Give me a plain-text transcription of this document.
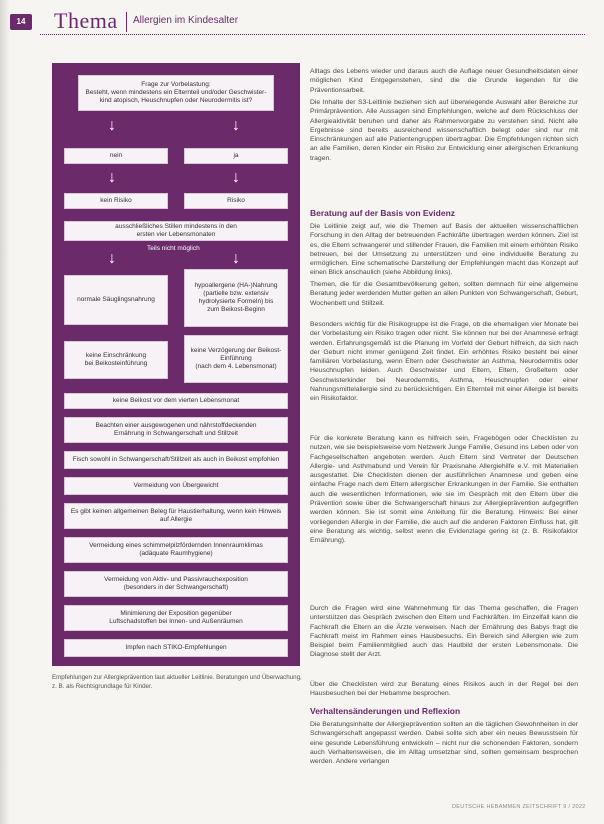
14 Thema Allergien im Kindesalter
Frage zur Vorbelastung:
Besteht, wenn mindestens ein Elternteil und/oder Geschwister-
kind atopisch, Heuschnupfen oder Neurodermitis ist?
↓	↓
nein	ja
↓	↓
kein Risiko	Risiko
ausschließliches Stillen mindestens in den
ersten vier Lebensmonaten
Teils nicht möglich
↓	↓
normale Säuglingsnahrung
hypoallergene (HA-)Nahrung
(partielle bzw. extensiv
hydrolysierte Formeln) bis
zum Beikost-Beginn
keine Einschränkung
bei Beikosteinführung
keine Verzögerung der Beikost-Einführung
(nach dem 4. Lebensmonat)
keine Beikost vor dem vierten Lebensmonat
Beachten einer ausgewogenen und nährstoffdeckenden
Ernährung in Schwangerschaft und Stillzeit
Fisch sowohl in Schwangerschaft/Stillzeit als auch in Beikost empfohlen
Vermeidung von Übergewicht
Es gibt keinen allgemeinen Beleg für Haustierhaltung, wenn kein Hinweis auf Allergie
Vermeidung eines schimmelpilzfördernden Innenraumklimas
(adäquate Raumhygiene)
Vermeidung von Aktiv- und Passivrauchexposition
(besonders in der Schwangerschaft)
Minimierung der Exposition gegenüber
Luftschadstoffen bei Innen- und Außenräumen
Impfen nach STIKO-Empfehlungen
Empfehlungen zur Allergieprävention laut aktueller Leitlinie. Beratungen und Überwachung, z. B. als Rechtsgrundlage für Kinder.

Alltags des Lebens wieder und daraus auch die Auflage neuer Gesundheitsdaten einer möglichen Kind Entgegenstehen, sind die die Grunde liegenden für die Präventionsarbeit.

Die Inhalte der S3-Leitlinie beziehen sich auf überwiegende Auswahl aller Bereiche zur Primärprävention. Alle Aussagen sind Empfehlungen, welche auf dem Rückschluss der Allergieaktivität beruhen und daher als Rahmenvorgabe zu verstehen sind. Nicht alle Ergebnisse sind bereits ausreichend wissenschaftlich belegt oder sind nur mit Einschränkungen auf alle Patientengruppen übertragbar. Die Empfehlungen richten sich an alle Familien, deren Kinder ein Risiko zur Entwicklung einer allergischen Erkrankung tragen.

Beratung auf der Basis von Evidenz

Die Leitlinie zeigt auf, wie die Themen auf Basis der aktuellen wissenschaftlichen Forschung in den Alltag der betreuenden Fachkräfte übertragen werden können. Ziel ist es, die Eltern schwangerer und stillender Frauen, die Familien mit einem erhöhten Risiko betreuen, bei der Umsetzung zu unterstützen und eine individuelle Beratung zu ermöglichen. Eine schematische Darstellung der Empfehlungen macht das Konzept auf einen Blick anschaulich (siehe Abbildung links).

Themen, die für die Gesamtbevölkerung gelten, sollten demnach für eine allgemeine Beratung jeder werdenden Mutter gelten an allen Punkten von Schwangerschaft, Geburt, Wochenbett und Stillzeit.

Besonders wichtig für die Risikogruppe ist die Frage, ob die ehemaligen vier Monate bei der Vorbelastung ein Risiko tragen oder nicht. Sie können nur bei der Anamnese erfragt werden. Erfahrungsgemäß ist die Planung im Vorfeld der Geburt hilfreich, da sich nach der Geburt nicht immer genügend Zeit findet. Ein erhöhtes Risiko besteht bei einer familiären Vorbelastung, wenn Eltern oder Geschwister an Asthma, Neurodermitis oder Heuschnupfen leiden. Auch Geschwister und Eltern, Eltern, Großeltern oder Geschwisterkinder bei Neurodermitis, Asthma, Heuschnupfen oder einer Nahrungsmittelallergie sind zu berücksichtigen. Ein Elternteil mit einer Allergie ist bereits ein Risikofaktor.

Für die konkrete Beratung kann es hilfreich sein, Fragebögen oder Checklisten zu nutzen, wie sie beispielsweise vom Netzwerk Junge Familie, Gesund ins Leben oder von Fachgesellschaften angeboten werden. Auch Eltern sind Vertreter der Deutschen Allergie- und Asthmabund und Verein für Praxisnahe Allergiehilfe e.V. mit Materialien ausgestattet. Die Checklisten dienen der ausführlichen Anamnese und geben eine einfache Frage nach dem Eltern allergischer Erkrankungen in der Familie. Sie enthalten auch die wesentlichen Informationen, wie sie im Gespräch mit den Eltern über die Prävention sowie über die Schwangerschaft hinaus zur Allergieprävention aufgegriffen werden können. Sie ist somit eine Anleitung für die Beratung. Hinweis: Bei einer vorliegenden Allergie in der Familie, die auch auf die anderen Faktoren Einfluss hat, gilt eine Beratung als wichtig, selbst wenn die Evidenzlage gering ist (z. B. Risikofaktor Ernährung).

Durch die Fragen wird eine Wahrnehmung für das Thema geschaffen, die Fragen unterstützen das Gespräch zwischen den Eltern und Fachkräften. Im Einzelfall kann die Fachkraft die Eltern an die Ärzte verweisen. Nach der Ernährung des Babys fragt die Fachkraft meist im Rahmen eines Hausbesuchs. Ein Bereich sind Allergien wie zum Beispiel beim Familienmitglied auch das Hautbild der ersten Lebensmonate. Die Diagnose stellt der Arzt.

Über die Checklisten wird zur Beratung eines Risikos auch in der Regel bei den Hausbesuchen bei der Hebamme besprochen.

Verhaltensänderungen und Reflexion

Die Beratungsinhalte der Allergieprävention sollten an die täglichen Gewohnheiten in der Schwangerschaft angepasst werden. Dabei sollte sich aber ein neues Bewusstsein für eine gesunde Lebensführung entwickeln – nicht nur die schonenden Faktoren, sondern auch Verhaltensweisen, die im Alltag umsetzbar sind, sollten gemeinsam besprochen werden. Andere verlangen

DEUTSCHE HEBAMMEN ZEITSCHRIFT 9 / 2022
